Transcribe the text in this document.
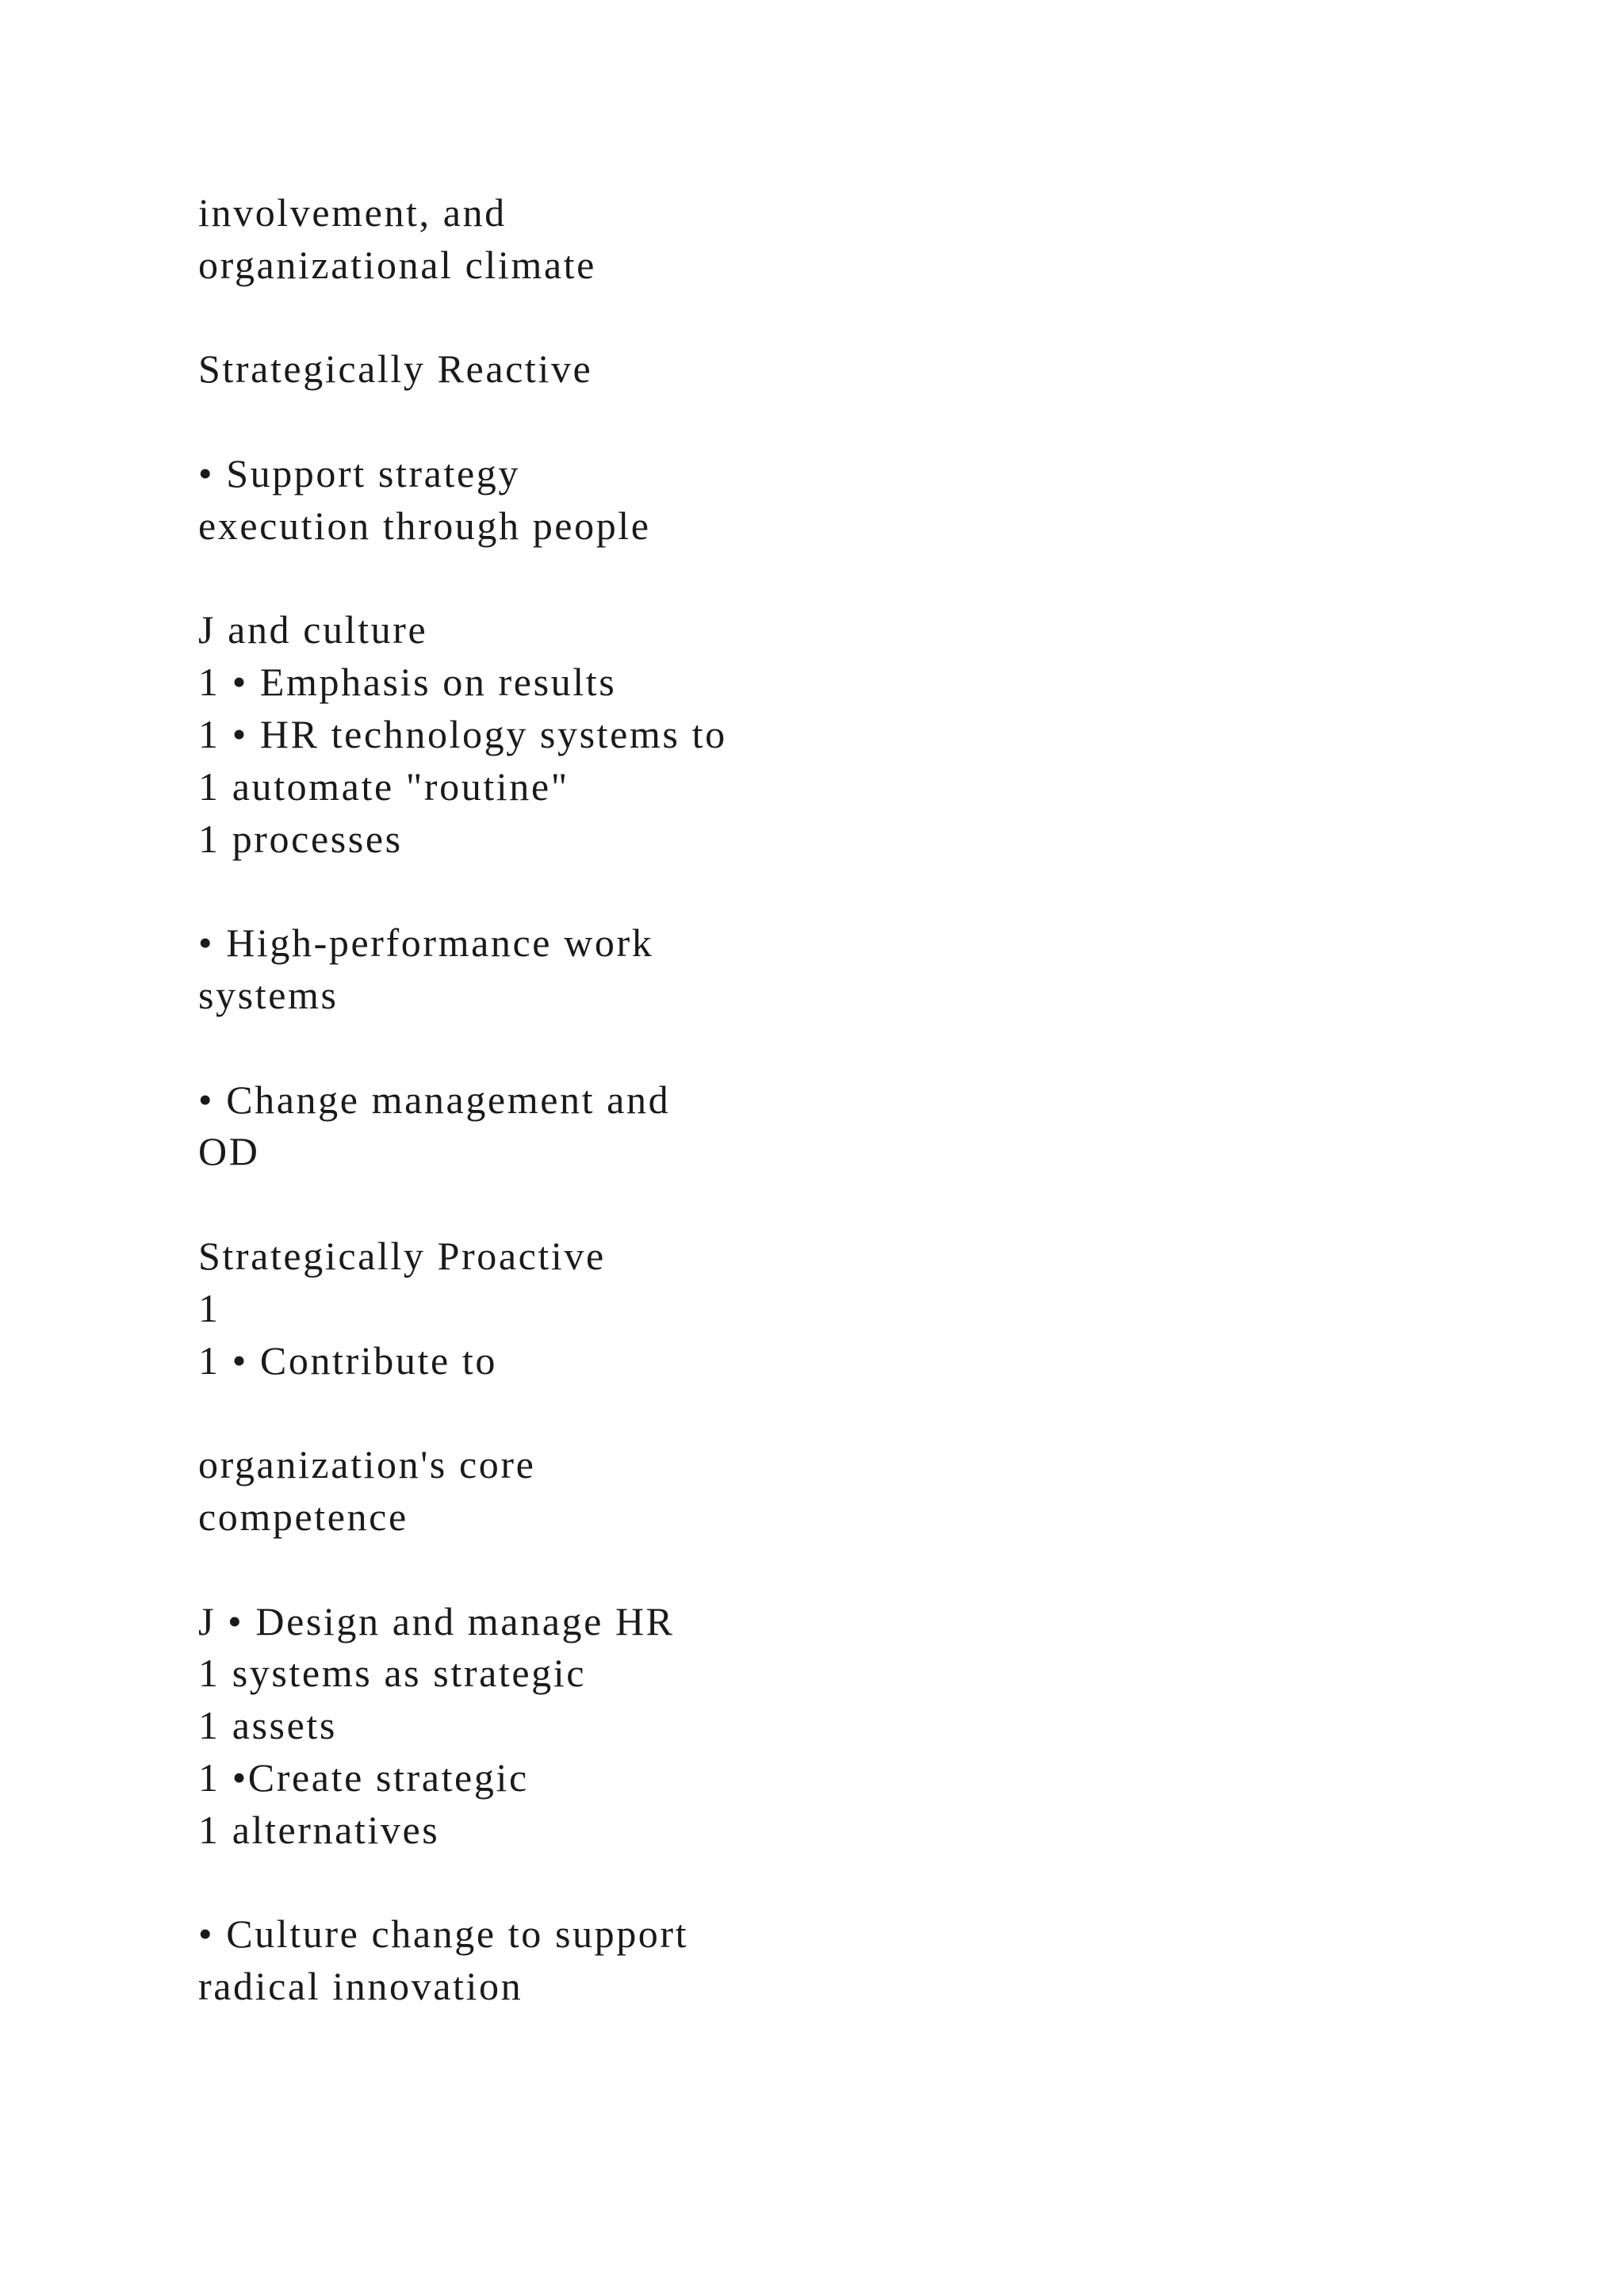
involvement, and
organizational climate
Strategically Reactive
• Support strategy
execution through people
J and culture
1 • Emphasis on results
1 • HR technology systems to
1 automate "routine"
1 processes
• High-performance work
systems
• Change management and
OD
Strategically Proactive
1
1 • Contribute to
organization's core
competence
J • Design and manage HR
1 systems as strategic
1 assets
1 •Create strategic
1 alternatives
• Culture change to support
radical innovation
